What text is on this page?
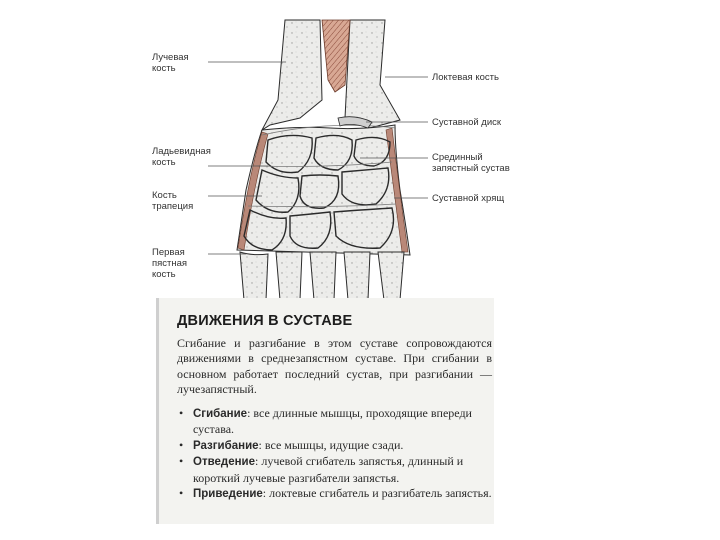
Лучевая
кость
Ладьевидная
кость
Кость
трапеция
Первая
пястная
кость
Локтевая кость
Суставной диск
Срединный
запястный сустав
Суставной хрящ
ДВИЖЕНИЯ В СУСТАВЕ
Сгибание и разгибание в этом суставе сопровождаются движениями в среднезапястном суставе. При сгибании в основном работает последний сустав, при разгибании — лучезапястный.
• Сгибание: все длинные мышцы, проходящие впереди сустава.
• Разгибание: все мышцы, идущие сзади.
• Отведение: лучевой сгибатель запястья, длинный и короткий лучевые разгибатели запястья.
• Приведение: локтевые сгибатель и разгибатель запястья.
